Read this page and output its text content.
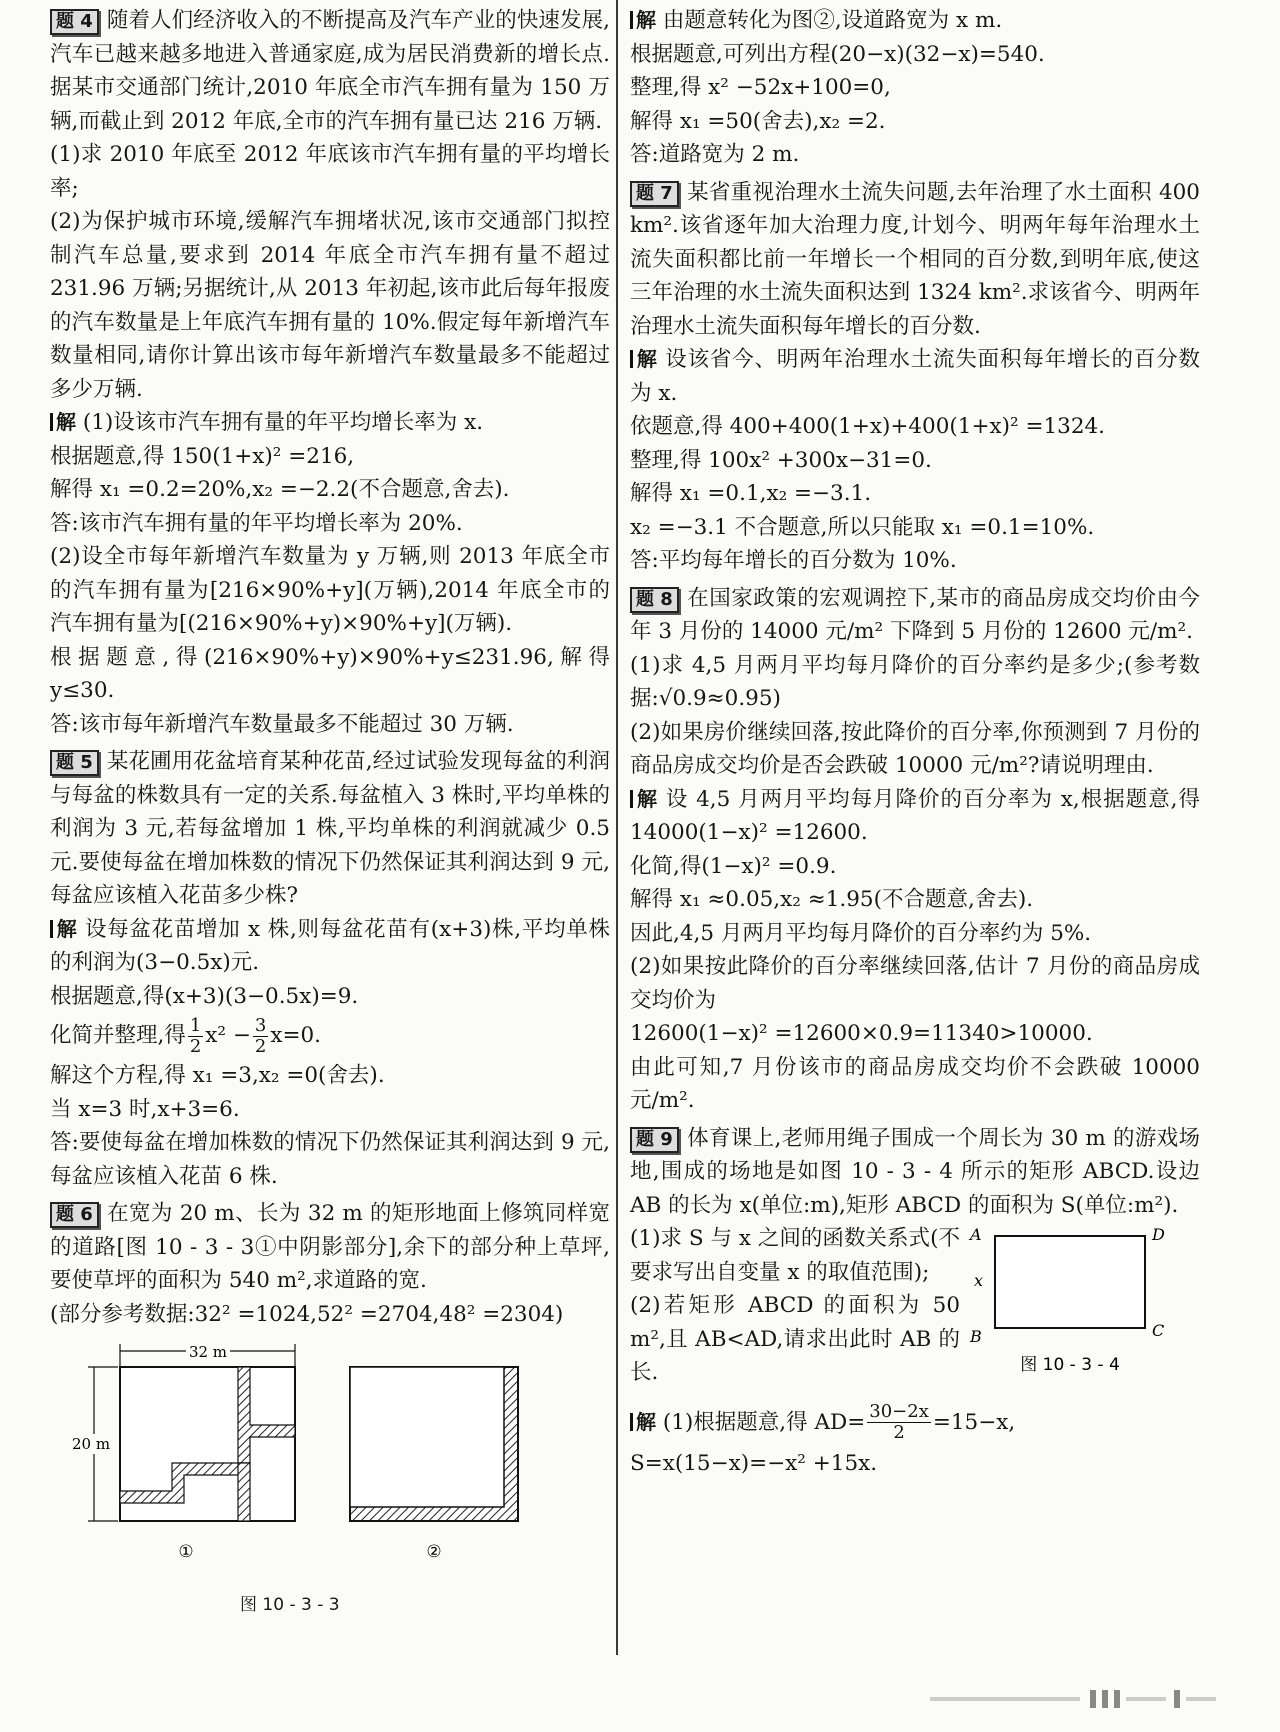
题 4 随着人们经济收入的不断提高及汽车产业的快速发展,汽车已越来越多地进入普通家庭,成为居民消费新的增长点.据某市交通部门统计,2010 年底全市汽车拥有量为 150 万辆,而截止到 2012 年底,全市的汽车拥有量已达 216 万辆.

(1)求 2010 年底至 2012 年底该市汽车拥有量的平均增长率;

(2)为保护城市环境,缓解汽车拥堵状况,该市交通部门拟控制汽车总量,要求到 2014 年底全市汽车拥有量不超过 231.96 万辆;另据统计,从 2013 年初起,该市此后每年报废的汽车数量是上年底汽车拥有量的 10%.假定每年新增汽车数量相同,请你计算出该市每年新增汽车数量最多不能超过多少万辆.

解 (1)设该市汽车拥有量的年平均增长率为 x.

根据题意,得 150(1+x)² =216,

解得 x₁ =0.2=20%,x₂ =−2.2(不合题意,舍去).

答:该市汽车拥有量的年平均增长率为 20%.

(2)设全市每年新增汽车数量为 y 万辆,则 2013 年底全市的汽车拥有量为[216×90%+y](万辆),2014 年底全市的汽车拥有量为[(216×90%+y)×90%+y](万辆).

根据题意,得(216×90%+y)×90%+y≤231.96,解得 y≤30.

答:该市每年新增汽车数量最多不能超过 30 万辆.

题 5 某花圃用花盆培育某种花苗,经过试验发现每盆的利润与每盆的株数具有一定的关系.每盆植入 3 株时,平均单株的利润为 3 元,若每盆增加 1 株,平均单株的利润就减少 0.5 元.要使每盆在增加株数的情况下仍然保证其利润达到 9 元,每盆应该植入花苗多少株?

解 设每盆花苗增加 x 株,则每盆花苗有(x+3)株,平均单株的利润为(3−0.5x)元.

根据题意,得(x+3)(3−0.5x)=9.

化简并整理,得 $\frac{1}{2} x^2 - \frac{3}{2} x=0$.

解这个方程,得 x₁ =3,x₂ =0(舍去).

当 x=3 时,x+3=6.

答:要使每盆在增加株数的情况下仍然保证其利润达到 9 元,每盆应该植入花苗 6 株.

题 6 在宽为 20 m、长为 32 m 的矩形地面上修筑同样宽的道路[图 10 - 3 - 3①中阴影部分],余下的部分种上草坪,要使草坪的面积为 540 m²,求道路的宽.

(部分参考数据:32² =1024,52² =2704,48² =2304)

32 m
20 m
①	②

图 10 - 3 - 3

解 由题意转化为图②,设道路宽为 x m.

根据题意,可列出方程(20−x)(32−x)=540.

整理,得 x² −52x+100=0,

解得 x₁ =50(舍去),x₂ =2.

答:道路宽为 2 m.

题 7 某省重视治理水土流失问题,去年治理了水土面积 400 km².该省逐年加大治理力度,计划今、明两年每年治理水土流失面积都比前一年增长一个相同的百分数,到明年底,使这三年治理的水土流失面积达到 1324 km².求该省今、明两年治理水土流失面积每年增长的百分数.

解 设该省今、明两年治理水土流失面积每年增长的百分数为 x.

依题意,得 400+400(1+x)+400(1+x)² =1324.

整理,得 100x² +300x−31=0.

解得 x₁ =0.1,x₂ =−3.1.

x₂ =−3.1 不合题意,所以只能取 x₁ =0.1=10%.

答:平均每年增长的百分数为 10%.

题 8 在国家政策的宏观调控下,某市的商品房成交均价由今年 3 月份的 14000 元/m² 下降到 5 月份的 12600 元/m².

(1)求 4,5 月两月平均每月降价的百分率约是多少;(参考数据:√0.9≈0.95)

(2)如果房价继续回落,按此降价的百分率,你预测到 7 月份的商品房成交均价是否会跌破 10000 元/m²?请说明理由.

解 设 4,5 月两月平均每月降价的百分率为 x,根据题意,得 14000(1−x)² =12600.

化简,得(1−x)² =0.9.

解得 x₁ ≈0.05,x₂ ≈1.95(不合题意,舍去).

因此,4,5 月两月平均每月降价的百分率约为 5%.

(2)如果按此降价的百分率继续回落,估计 7 月份的商品房成交均价为

12600(1−x)² =12600×0.9=11340>10000.

由此可知,7 月份该市的商品房成交均价不会跌破 10000 元/m².

题 9 体育课上,老师用绳子围成一个周长为 30 m 的游戏场地,围成的场地是如图 10 - 3 - 4 所示的矩形 ABCD.设边 AB 的长为 x(单位:m),矩形 ABCD 的面积为 S(单位:m²).

(1)求 S 与 x 之间的函数关系式(不要求写出自变量 x 的取值范围);

(2)若矩形 ABCD 的面积为 50 m²,且 AB<AD,请求出此时 AB 的长.

A	D
B	C
x
图 10 - 3 - 4

解 (1)根据题意,得 $AD= \frac{30-2x}{2} =15-x$,

S=x(15−x)=−x² +15x.
